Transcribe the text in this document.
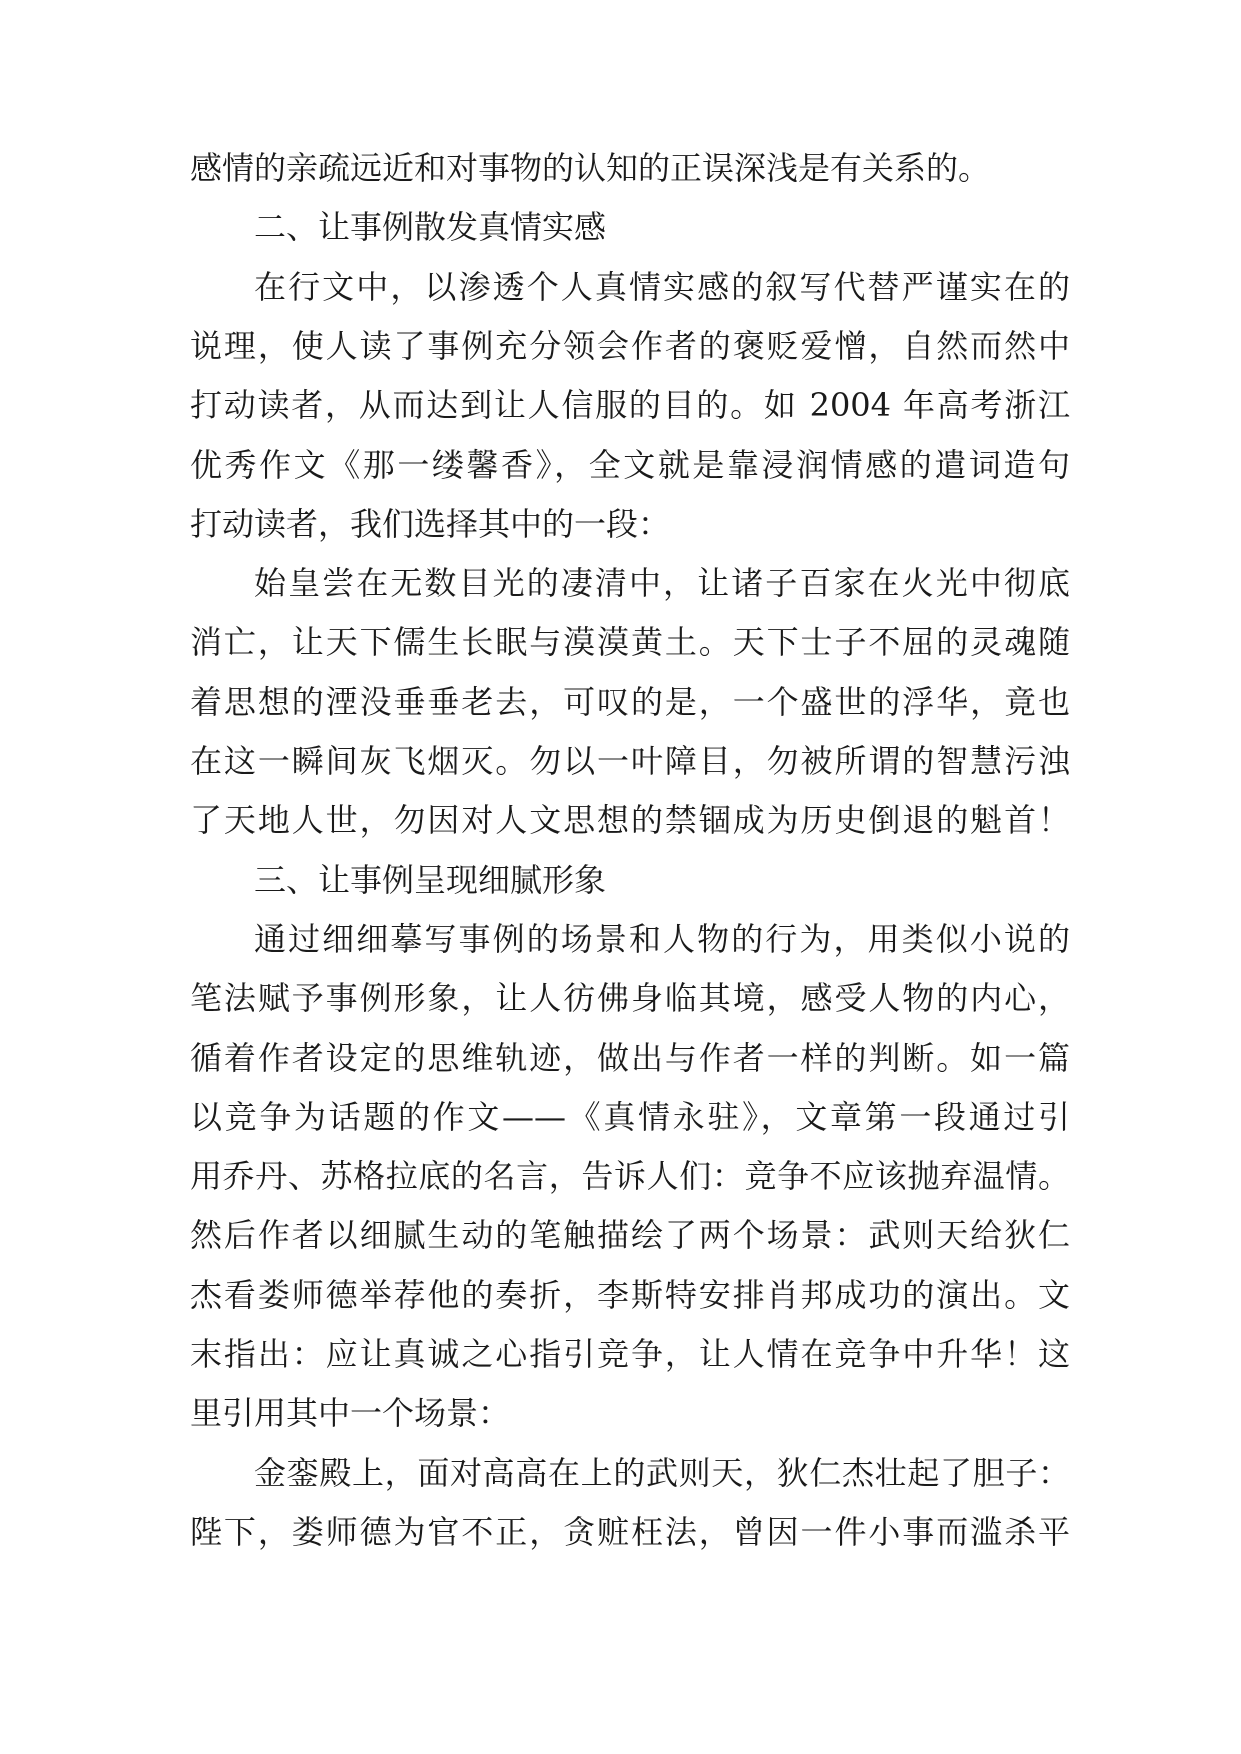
感情的亲疏远近和对事物的认知的正误深浅是有关系的。
二、让事例散发真情实感
在行文中，以渗透个人真情实感的叙写代替严谨实在的
说理，使人读了事例充分领会作者的褒贬爱憎，自然而然中
打动读者，从而达到让人信服的目的。如 2004 年高考浙江
优秀作文《那一缕馨香》，全文就是靠浸润情感的遣词造句
打动读者，我们选择其中的一段：
始皇尝在无数目光的凄清中，让诸子百家在火光中彻底
消亡，让天下儒生长眠与漠漠黄土。天下士子不屈的灵魂随
着思想的湮没垂垂老去，可叹的是，一个盛世的浮华，竟也
在这一瞬间灰飞烟灭。勿以一叶障目，勿被所谓的智慧污浊
了天地人世，勿因对人文思想的禁锢成为历史倒退的魁首！
三、让事例呈现细腻形象
通过细细摹写事例的场景和人物的行为，用类似小说的
笔法赋予事例形象，让人彷佛身临其境，感受人物的内心，
循着作者设定的思维轨迹，做出与作者一样的判断。如一篇
以竞争为话题的作文——《真情永驻》，文章第一段通过引
用乔丹、苏格拉底的名言，告诉人们：竞争不应该抛弃温情。
然后作者以细腻生动的笔触描绘了两个场景：武则天给狄仁
杰看娄师德举荐他的奏折，李斯特安排肖邦成功的演出。文
末指出：应让真诚之心指引竞争，让人情在竞争中升华！这
里引用其中一个场景：
金銮殿上，面对高高在上的武则天，狄仁杰壮起了胆子：
陛下，娄师德为官不正，贪赃枉法，曾因一件小事而滥杀平
